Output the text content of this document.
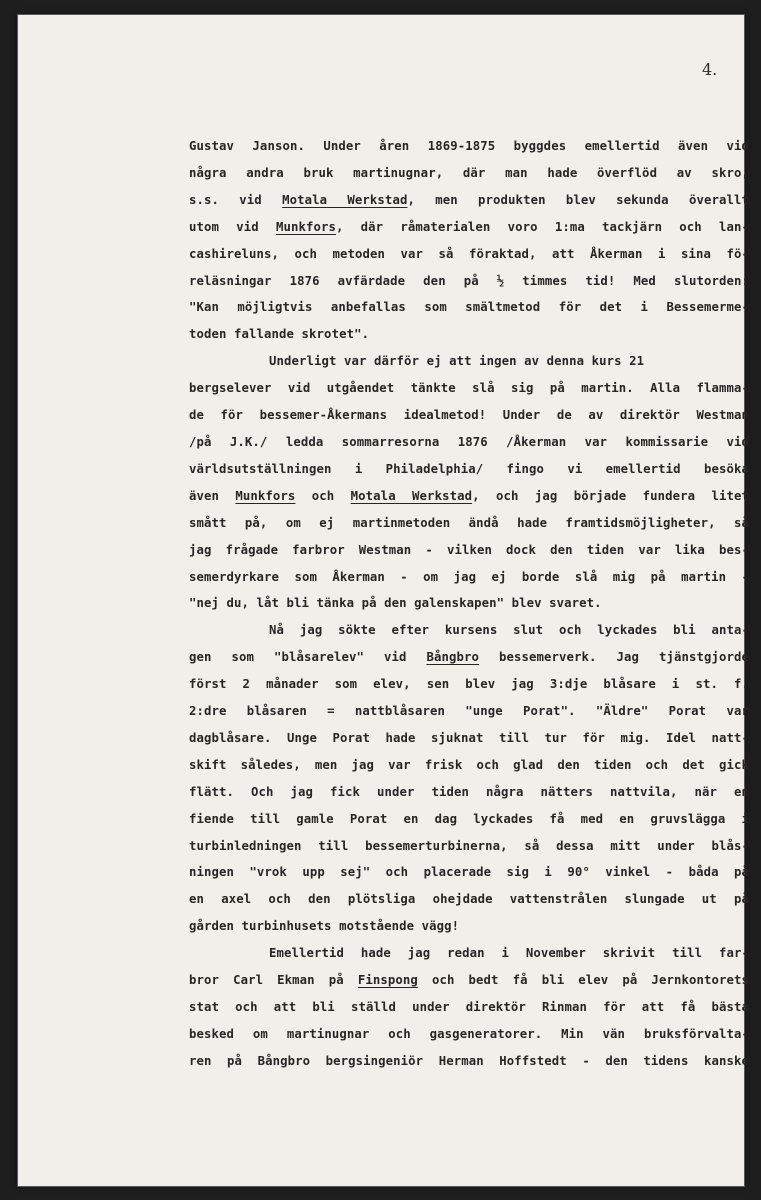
4.
Gustav Janson. Under åren 1869-1875 byggdes emellertid även vid
några andra bruk martinugnar, där man hade överflöd av skro,
s.s. vid Motala Werkstad, men produkten blev sekunda överallt
utom vid Munkfors, där råmaterialen voro 1:ma tackjärn och lan-
cashireluns, och metoden var så föraktad, att Åkerman i sina fö-
reläsningar 1876 avfärdade den på ½ timmes tid! Med slutorden:
"Kan möjligtvis anbefallas som smältmetod för det i Bessemerme-
toden fallande skrotet".
Underligt var därför ej att ingen av denna kurs 21
bergselever vid utgåendet tänkte slå sig på martin. Alla flamma-
de för bessemer-Åkermans idealmetod! Under de av direktör Westman
/på J.K./ ledda sommarresorna 1876 /Åkerman var kommissarie vid
världsutställningen i Philadelphia/ fingo vi emellertid besöka
även Munkfors och Motala Werkstad, och jag började fundera litet
smått på, om ej martinmetoden ändå hade framtidsmöjligheter, så
jag frågade farbror Westman - vilken dock den tiden var lika bes-
semerdyrkare som Åkerman - om jag ej borde slå mig på martin -
"nej du, låt bli tänka på den galenskapen" blev svaret.
Nå jag sökte efter kursens slut och lyckades bli anta-
gen som "blåsarelev" vid Bångbro bessemerverk. Jag tjänstgjorde
först 2 månader som elev, sen blev jag 3:dje blåsare i st. f.
2:dre blåsaren = nattblåsaren "unge Porat". "Äldre" Porat var
dagblåsare. Unge Porat hade sjuknat till tur för mig. Idel natt-
skift således, men jag var frisk och glad den tiden och det gick
flätt. Och jag fick under tiden några nätters nattvila, när en
fiende till gamle Porat en dag lyckades få med en gruvslägga i
turbinledningen till bessemerturbinerna, så dessa mitt under blås-
ningen "vrok upp sej" och placerade sig i 90° vinkel - båda på
en axel och den plötsliga ohejdade vattenstrålen slungade ut på
gården turbinhusets motstående vägg!
Emellertid hade jag redan i November skrivit till far-
bror Carl Ekman på Finspong och bedt få bli elev på Jernkontorets
stat och att bli ställd under direktör Rinman för att få bästa
besked om martinugnar och gasgeneratorer. Min vän bruksförvalta-
ren på Bångbro bergsingeniör Herman Hoffstedt - den tidens kanske
